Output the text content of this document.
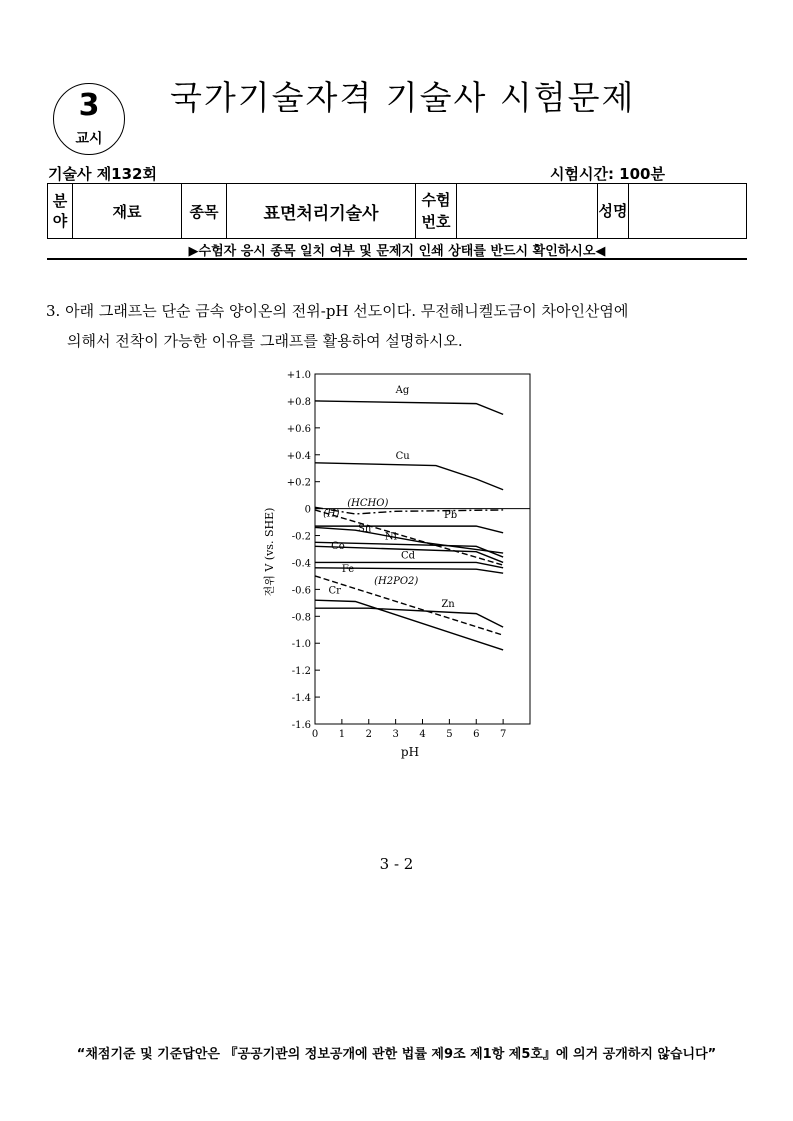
3
교시
국가기술자격 기술사 시험문제
기술사 제132회	시험시간: 100분
분야	재료	종목	표면처리기술사	수험번호		성명	
▶수험자 응시 종목 일치 여부 및 문제지 인쇄 상태를 반드시 확인하시오◀
3. 아래 그래프는 단순 금속 양이온의 전위-pH 선도이다. 무전해니켈도금이 차아인산염에
의해서 전착이 가능한 이유를 그래프를 활용하여 설명하시오.
+1.0
+0.8
+0.6
+0.4
+0.2
0
-0.2
-0.4
-0.6
-0.8
-1.0
-1.2
-1.4
-1.6
0 1 2 3 4 5 6 7
Ag
Cu
(HCHO)
Pb
(H)
Sn
Ni
Co
Cd
Fe
(H2PO2)
Zn
Cr
pH
전위 V (vs. SHE)
3 - 2
“채점기준 및 기준답안은 『공공기관의 정보공개에 관한 법률 제9조 제1항 제5호』에 의거 공개하지 않습니다”
